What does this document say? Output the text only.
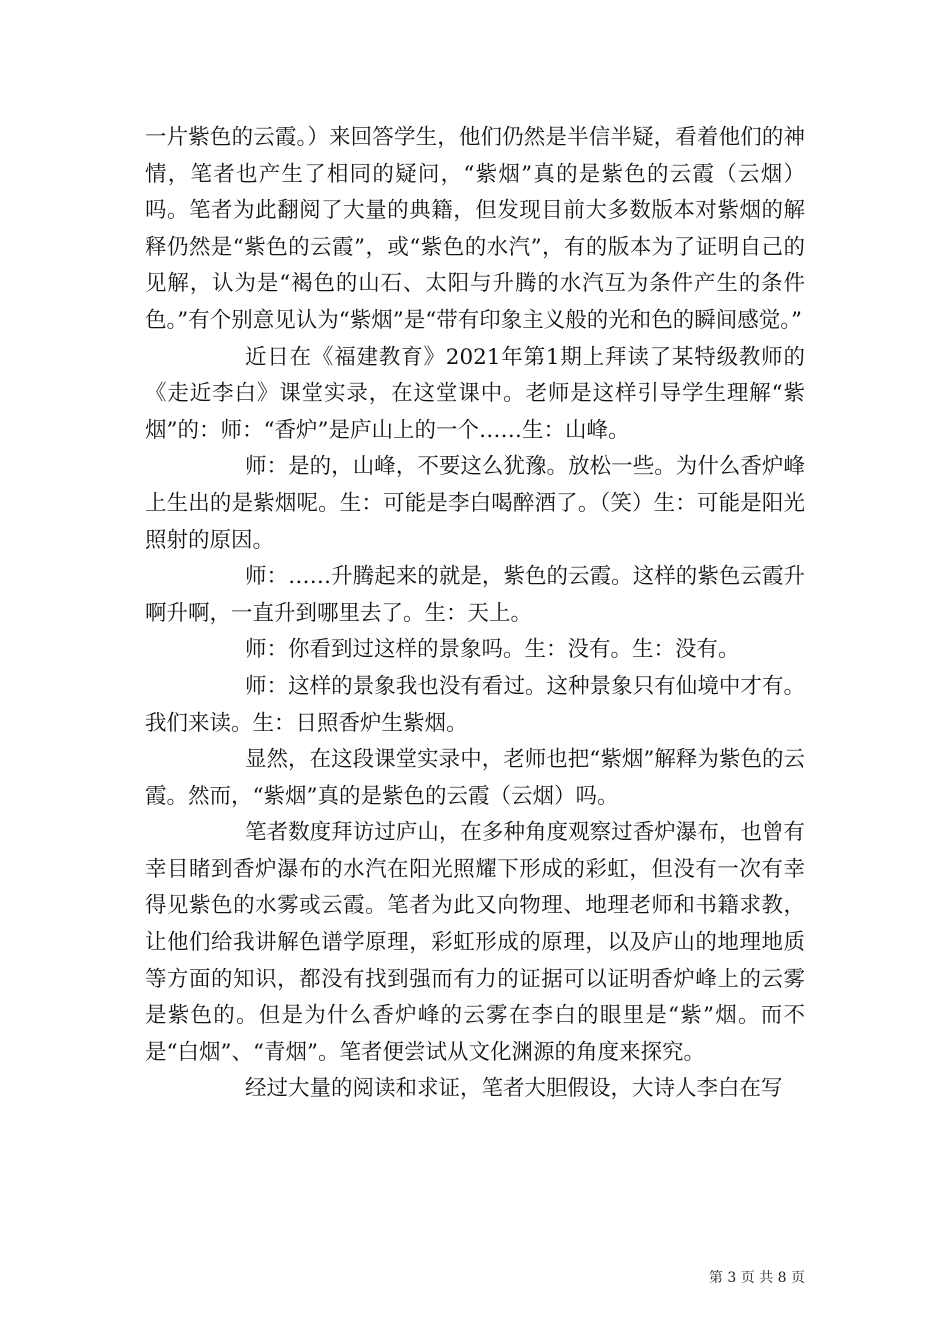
一片紫色的云霞。）来回答学生，他们仍然是半信半疑，看着他们的神情，笔者也产生了相同的疑问，“紫烟”真的是紫色的云霞（云烟）吗。笔者为此翻阅了大量的典籍，但发现目前大多数版本对紫烟的解释仍然是“紫色的云霞”，或“紫色的水汽”，有的版本为了证明自己的见解，认为是“褐色的山石、太阳与升腾的水汽互为条件产生的条件色。”有个别意见认为“紫烟”是“带有印象主义般的光和色的瞬间感觉。”

近日在《福建教育》2021年第1期上拜读了某特级教师的《走近李白》课堂实录，在这堂课中。老师是这样引导学生理解“紫烟”的：师：“香炉”是庐山上的一个……生：山峰。

师：是的，山峰，不要这么犹豫。放松一些。为什么香炉峰上生出的是紫烟呢。生：可能是李白喝醉酒了。（笑）生：可能是阳光照射的原因。

师：……升腾起来的就是，紫色的云霞。这样的紫色云霞升啊升啊，一直升到哪里去了。生：天上。

师：你看到过这样的景象吗。生：没有。生：没有。

师：这样的景象我也没有看过。这种景象只有仙境中才有。我们来读。生：日照香炉生紫烟。

显然，在这段课堂实录中，老师也把“紫烟”解释为紫色的云霞。然而，“紫烟”真的是紫色的云霞（云烟）吗。

笔者数度拜访过庐山，在多种角度观察过香炉瀑布，也曾有幸目睹到香炉瀑布的水汽在阳光照耀下形成的彩虹，但没有一次有幸得见紫色的水雾或云霞。笔者为此又向物理、地理老师和书籍求教，让他们给我讲解色谱学原理，彩虹形成的原理，以及庐山的地理地质等方面的知识，都没有找到强而有力的证据可以证明香炉峰上的云雾是紫色的。但是为什么香炉峰的云雾在李白的眼里是“紫”烟。而不是“白烟”、“青烟”。笔者便尝试从文化渊源的角度来探究。

经过大量的阅读和求证，笔者大胆假设，大诗人李白在写

第 3 页 共 8 页
